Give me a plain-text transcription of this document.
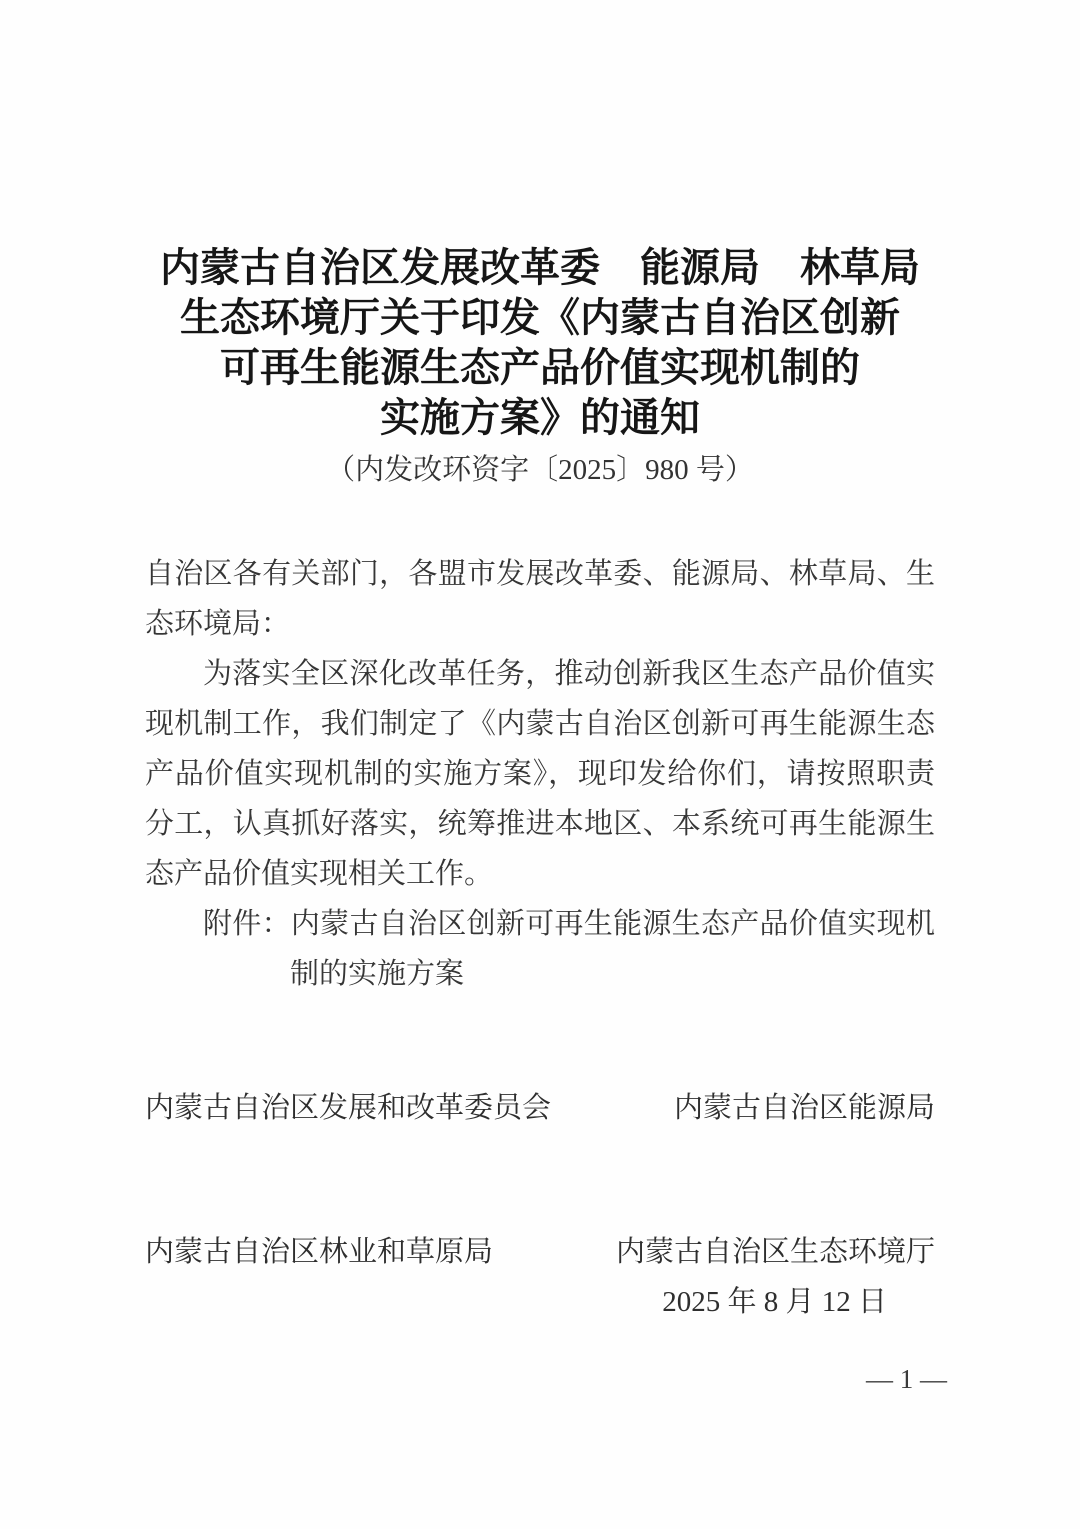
内蒙古自治区发展改革委　能源局　林草局
生态环境厅关于印发《内蒙古自治区创新
可再生能源生态产品价值实现机制的
实施方案》的通知
（内发改环资字〔2025〕980 号）

自治区各有关部门，各盟市发展改革委、能源局、林草局、生态环境局：

为落实全区深化改革任务，推动创新我区生态产品价值实现机制工作，我们制定了《内蒙古自治区创新可再生能源生态产品价值实现机制的实施方案》，现印发给你们，请按照职责分工，认真抓好落实，统筹推进本地区、本系统可再生能源生态产品价值实现相关工作。

附件：内蒙古自治区创新可再生能源生态产品价值实现机制的实施方案

内蒙古自治区发展和改革委员会	内蒙古自治区能源局
内蒙古自治区林业和草原局	内蒙古自治区生态环境厅
2025 年 8 月 12 日
— 1 —
